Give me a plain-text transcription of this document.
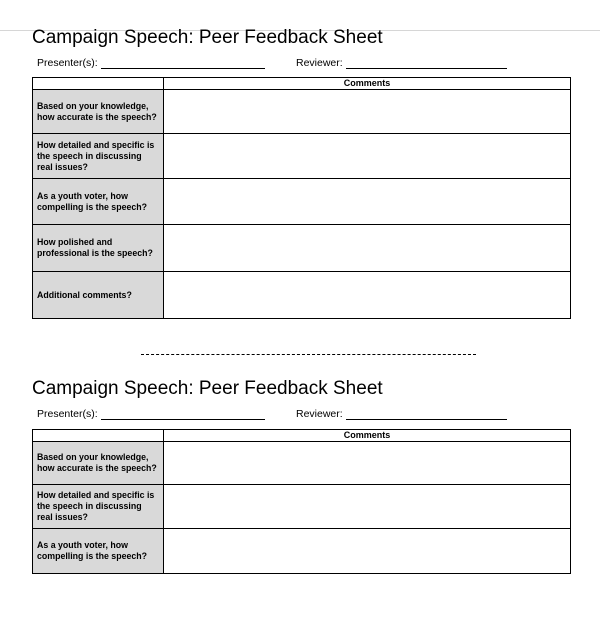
Campaign Speech: Peer Feedback Sheet
Presenter(s):	Reviewer:
	Comments
Based on your knowledge, how accurate is the speech?	
How detailed and specific is the speech in discussing real issues?	
As a youth voter, how compelling is the speech?	
How polished and professional is the speech?	
Additional comments?	
Campaign Speech: Peer Feedback Sheet
Presenter(s):	Reviewer:
	Comments
Based on your knowledge, how accurate is the speech?	
How detailed and specific is the speech in discussing real issues?	
As a youth voter, how compelling is the speech?	
